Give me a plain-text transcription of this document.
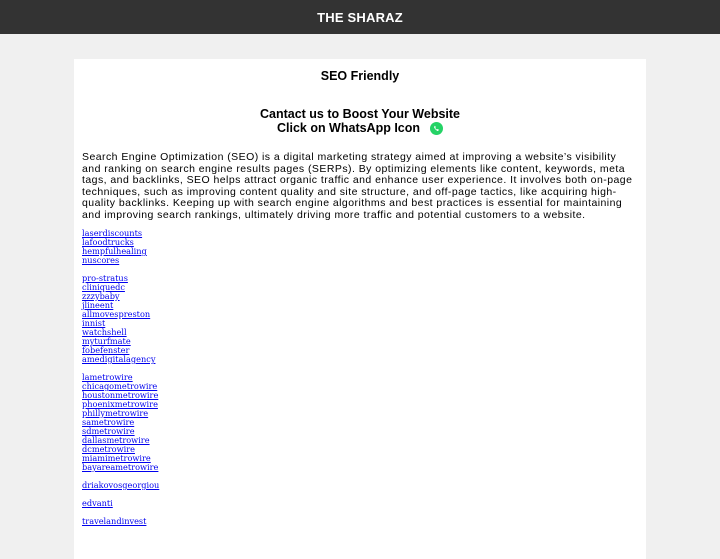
THE SHARAZ
SEO Friendly
Cantact us to Boost Your Website
Click on WhatsApp Icon
Search Engine Optimization (SEO) is a digital marketing strategy aimed at improving a website’s visibility and ranking on search engine results pages (SERPs). By optimizing elements like content, keywords, meta tags, and backlinks, SEO helps attract organic traffic and enhance user experience. It involves both on-page techniques, such as improving content quality and site structure, and off-page tactics, like acquiring high-quality backlinks. Keeping up with search engine algorithms and best practices is essential for maintaining and improving search rankings, ultimately driving more traffic and potential customers to a website.
laserdiscounts
lafoodtrucks
hempfulhealing
nuscores
pro-stratus
cliniquedc
zzzybaby
jlineent
allmovespreston
innist
watchshell
myturfmate
fobefenster
amedigitalagency
lametrowire
chicagometrowire
houstonmetrowire
phoenixmetrowire
phillymetrowire
sametrowire
sdmetrowire
dallasmetrowire
dcmetrowire
miamimetrowire
bayareametrowire
driakovosgeorgiou
edvanti
travelandinvest
